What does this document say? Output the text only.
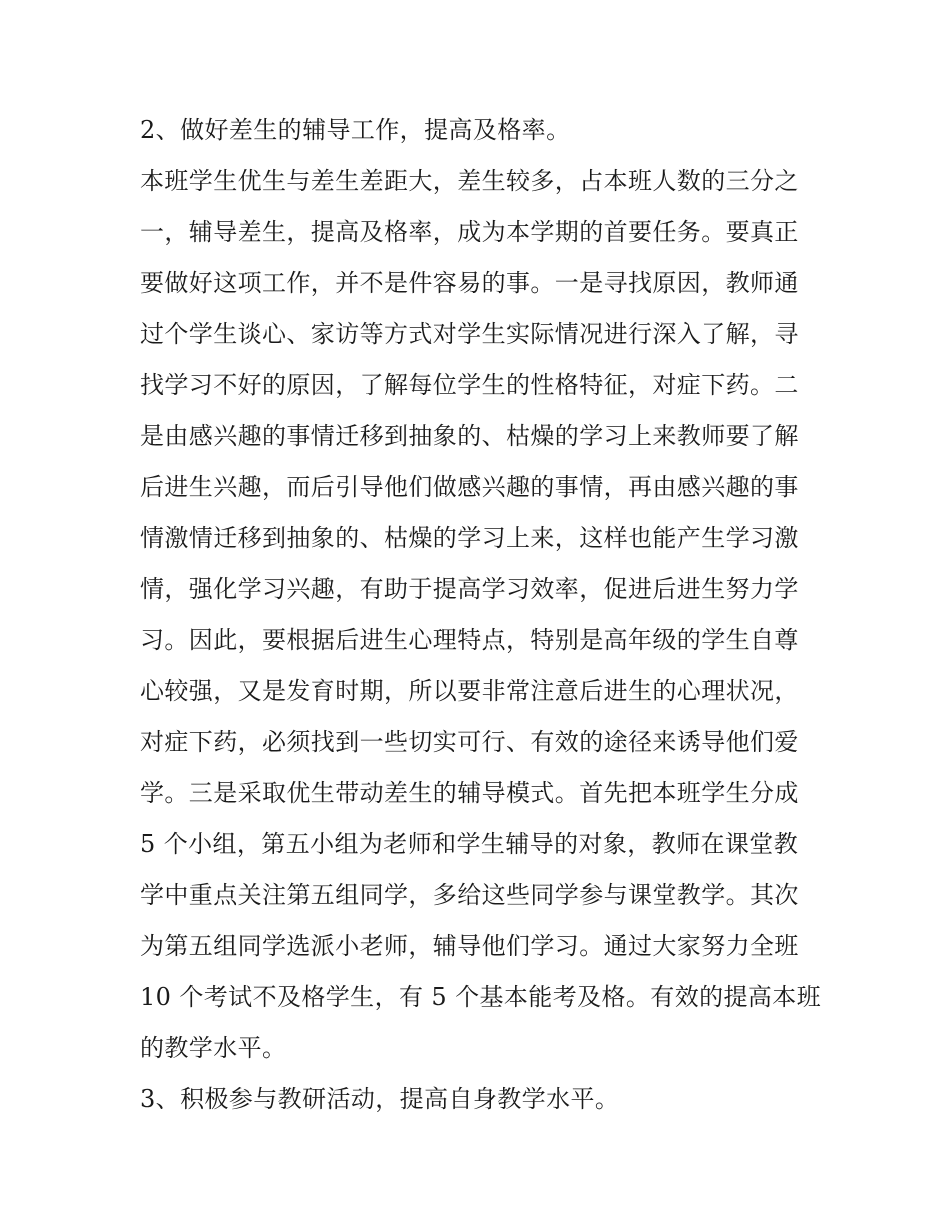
2、做好差生的辅导工作，提高及格率。
本班学生优生与差生差距大，差生较多，占本班人数的三分之
一，辅导差生，提高及格率，成为本学期的首要任务。要真正
要做好这项工作，并不是件容易的事。一是寻找原因，教师通
过个学生谈心、家访等方式对学生实际情况进行深入了解，寻
找学习不好的原因，了解每位学生的性格特征，对症下药。二
是由感兴趣的事情迁移到抽象的、枯燥的学习上来教师要了解
后进生兴趣，而后引导他们做感兴趣的事情，再由感兴趣的事
情激情迁移到抽象的、枯燥的学习上来，这样也能产生学习激
情，强化学习兴趣，有助于提高学习效率，促进后进生努力学
习。因此，要根据后进生心理特点，特别是高年级的学生自尊
心较强，又是发育时期，所以要非常注意后进生的心理状况，
对症下药，必须找到一些切实可行、有效的途径来诱导他们爱
学。三是采取优生带动差生的辅导模式。首先把本班学生分成
5 个小组，第五小组为老师和学生辅导的对象，教师在课堂教
学中重点关注第五组同学，多给这些同学参与课堂教学。其次
为第五组同学选派小老师，辅导他们学习。通过大家努力全班
10 个考试不及格学生，有 5 个基本能考及格。有效的提高本班
的教学水平。
3、积极参与教研活动，提高自身教学水平。
